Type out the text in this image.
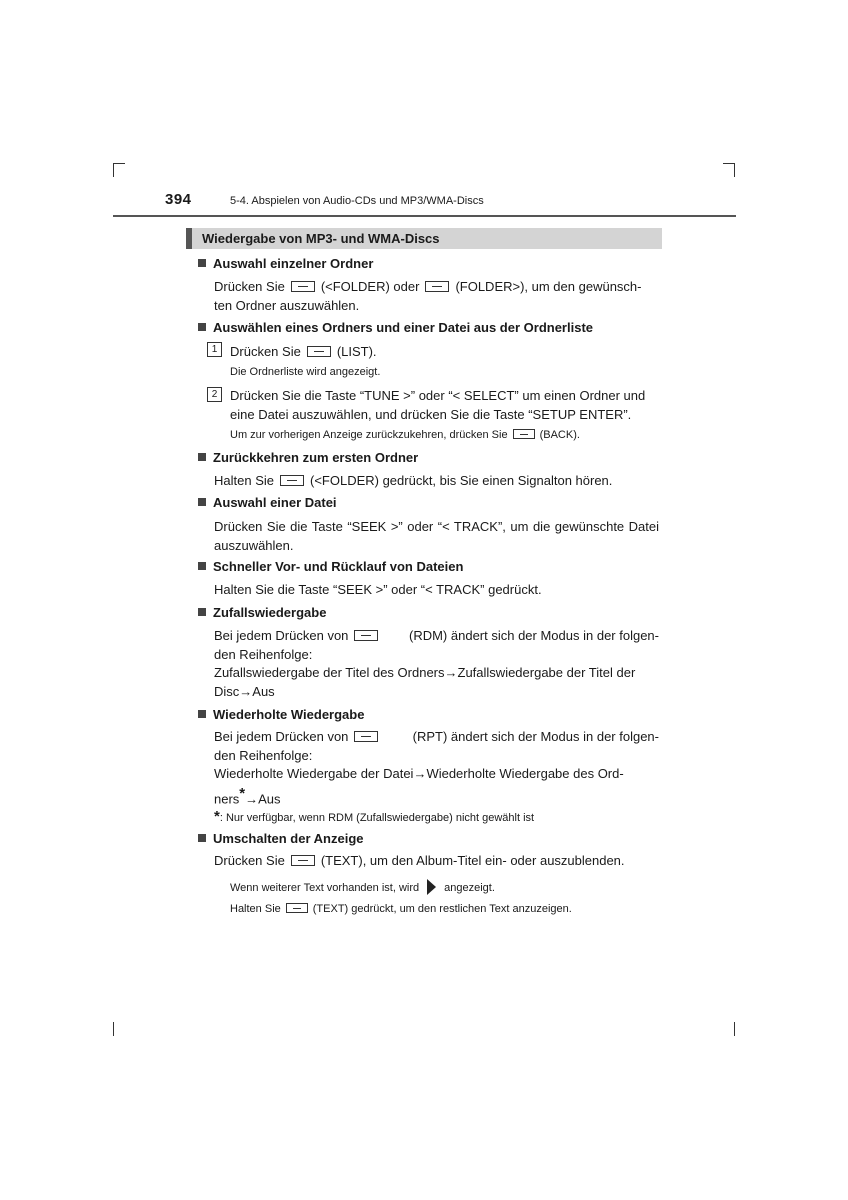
394	5-4. Abspielen von Audio-CDs und MP3/WMA-Discs
Wiedergabe von MP3- und WMA-Discs
Auswahl einzelner Ordner
Drücken Sie	(<FOLDER) oder	(FOLDER>), um den gewünsch-
ten Ordner auszuwählen.
Auswählen eines Ordners und einer Datei aus der Ordnerliste
1 Drücken Sie	(LIST).
Die Ordnerliste wird angezeigt.
2 Drücken Sie die Taste “TUNE >” oder “< SELECT” um einen Ordner und eine Datei auszuwählen, und drücken Sie die Taste “SETUP ENTER”.
Um zur vorherigen Anzeige zurückzukehren, drücken Sie	(BACK).
Zurückkehren zum ersten Ordner
Halten Sie	(<FOLDER) gedrückt, bis Sie einen Signalton hören.
Auswahl einer Datei
Drücken Sie die Taste “SEEK >” oder “< TRACK”, um die gewünschte Datei auszuwählen.
Schneller Vor- und Rücklauf von Dateien
Halten Sie die Taste “SEEK >” oder “< TRACK” gedrückt.
Zufallswiedergabe
Bei jedem Drücken von	(RDM) ändert sich der Modus in der folgen-
den Reihenfolge:
Zufallswiedergabe der Titel des Ordners→Zufallswiedergabe der Titel der
Disc→Aus
Wiederholte Wiedergabe
Bei jedem Drücken von	(RPT) ändert sich der Modus in der folgen-
den Reihenfolge:
Wiederholte Wiedergabe der Datei→Wiederholte Wiedergabe des Ord-
ners*→Aus
*: Nur verfügbar, wenn RDM (Zufallswiedergabe) nicht gewählt ist
Umschalten der Anzeige
Drücken Sie	(TEXT), um den Album-Titel ein- oder auszublenden.
Wenn weiterer Text vorhanden ist, wird angezeigt.
Halten Sie	(TEXT) gedrückt, um den restlichen Text anzuzeigen.
